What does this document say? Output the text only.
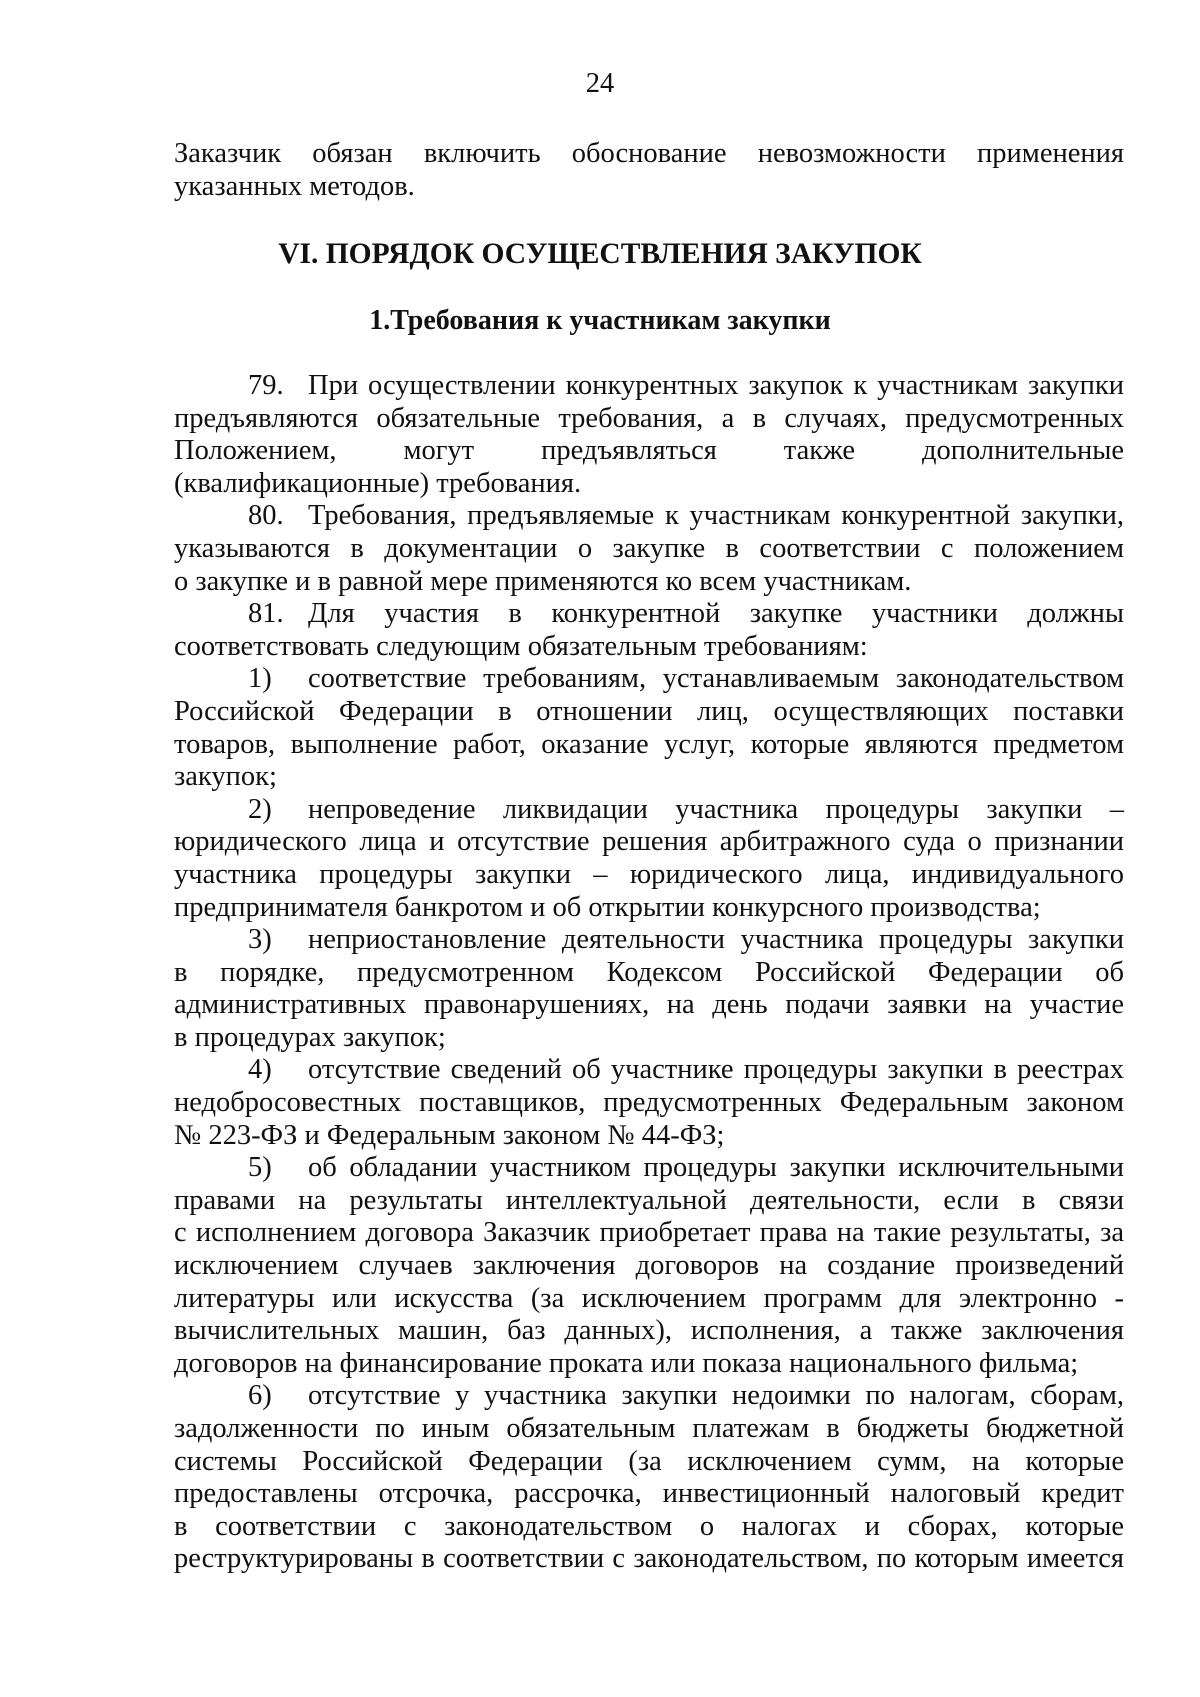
24

Заказчик обязан включить обоснование невозможности применения

указанных методов.

VI. ПОРЯДОК ОСУЩЕСТВЛЕНИЯ ЗАКУПОК
1.Требования к участникам закупки
79. При осуществлении конкурентных закупок к участникам закупки

предъявляются обязательные требования, а в случаях, предусмотренных

Положением, могут предъявляться также дополнительные

(квалификационные) требования.

80. Требования, предъявляемые к участникам конкурентной закупки,

указываются в документации о закупке в соответствии с положением

о закупке и в равной мере применяются ко всем участникам.

81. Для участия в конкурентной закупке участники должны

соответствовать следующим обязательным требованиям:

1)	соответствие требованиям, устанавливаемым законодательством

Российской Федерации в отношении лиц, осуществляющих поставки

товаров, выполнение работ, оказание услуг, которые являются предметом

закупок;

2)	непроведение ликвидации участника процедуры закупки –

юридического лица и отсутствие решения арбитражного суда о признании

участника процедуры закупки – юридического лица, индивидуального

предпринимателя банкротом и об открытии конкурсного производства;

3)	неприостановление деятельности участника процедуры закупки

в порядке, предусмотренном Кодексом Российской Федерации об

административных правонарушениях, на день подачи заявки на участие

в процедурах закупок;

4)	отсутствие сведений об участнике процедуры закупки в реестрах

недобросовестных поставщиков, предусмотренных Федеральным законом

№ 223-ФЗ и Федеральным законом № 44-ФЗ;

5)	об обладании участником процедуры закупки исключительными

правами на результаты интеллектуальной деятельности, если в связи

с исполнением договора Заказчик приобретает права на такие результаты, за

исключением случаев заключения договоров на создание произведений

литературы или искусства (за исключением программ для электронно -

вычислительных машин, баз данных), исполнения, а также заключения

договоров на финансирование проката или показа национального фильма;

6)	отсутствие у участника закупки недоимки по налогам, сборам,

задолженности по иным обязательным платежам в бюджеты бюджетной

системы Российской Федерации (за исключением сумм, на которые

предоставлены отсрочка, рассрочка, инвестиционный налоговый кредит

в соответствии с законодательством о налогах и сборах, которые

реструктурированы в соответствии с законодательством, по которым имеется
